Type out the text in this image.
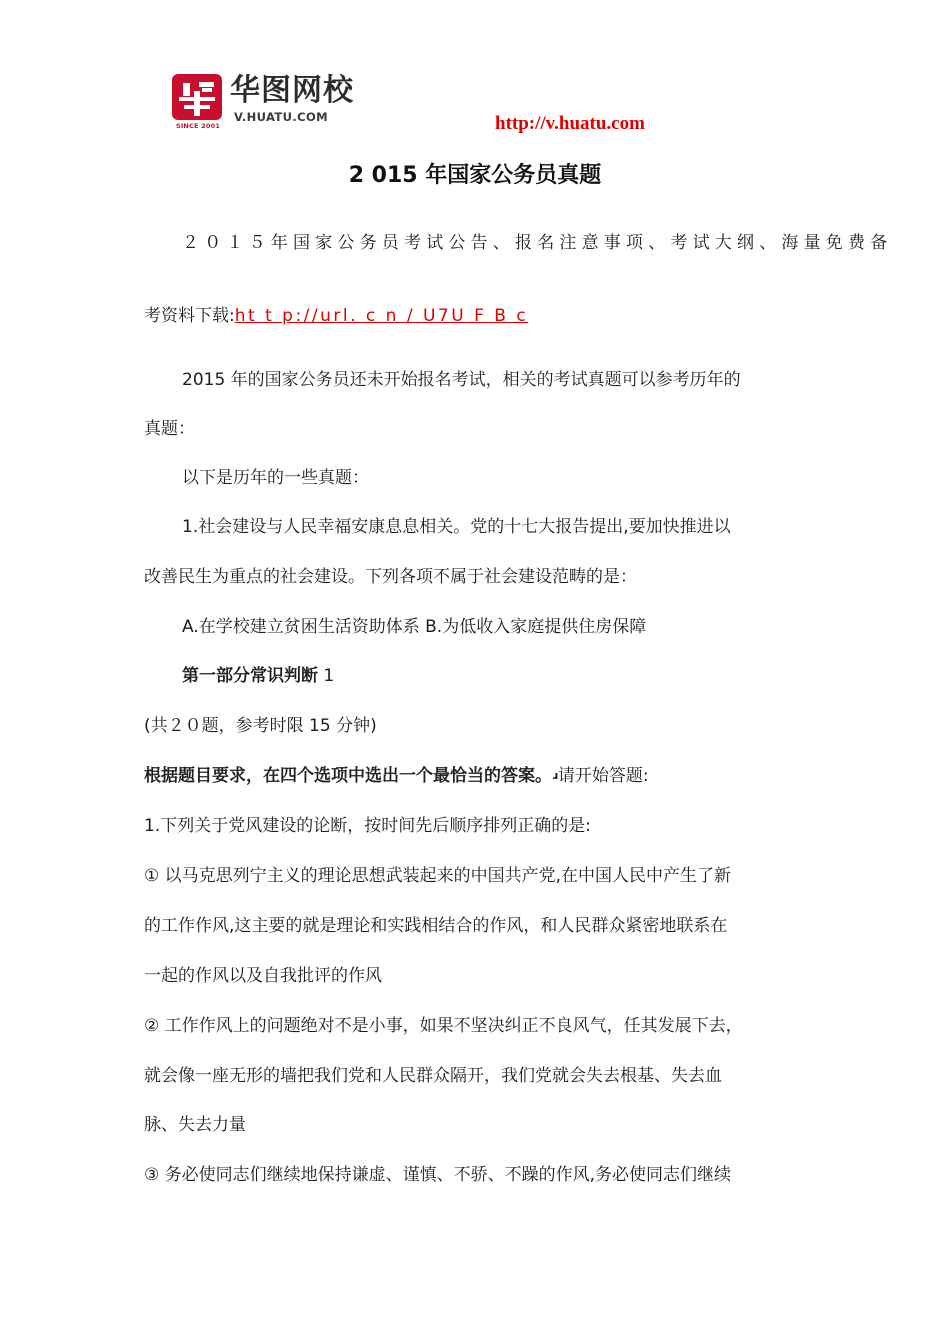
SINCE 2001
华图网校
V.HUATU.COM	http://v.huatu.com
2 015 年国家公务员真题
２０１５年国家公务员考试公告、报名注意事项、考试大纲、海量免费备
考资料下载:ht t p://url. c n / U7U F B c
2015 年的国家公务员还未开始报名考试，相关的考试真题可以参考历年的
真题：
以下是历年的一些真题：
1.社会建设与人民幸福安康息息相关。党的十七大报告提出,要加快推进以
改善民生为重点的社会建设。下列各项不属于社会建设范畴的是：
A.在学校建立贫困生活资助体系 B.为低收入家庭提供住房保障
第一部分常识判断 1
(共２０题，参考时限 15 分钟)
根据题目要求，在四个选项中选出一个最恰当的答案。ɹ请开始答题:
1.下列关于党风建设的论断，按时间先后顺序排列正确的是:
① 以马克思列宁主义的理论思想武装起来的中国共产党,在中国人民中产生了新
的工作作风,这主要的就是理论和实践相结合的作风，和人民群众紧密地联系在
一起的作风以及自我批评的作风
② 工作作风上的问题绝对不是小事，如果不坚决纠正不良风气，任其发展下去，
就会像一座无形的墙把我们党和人民群众隔开，我们党就会失去根基、失去血
脉、失去力量
③ 务必使同志们继续地保持谦虚、谨慎、不骄、不躁的作风,务必使同志们继续
